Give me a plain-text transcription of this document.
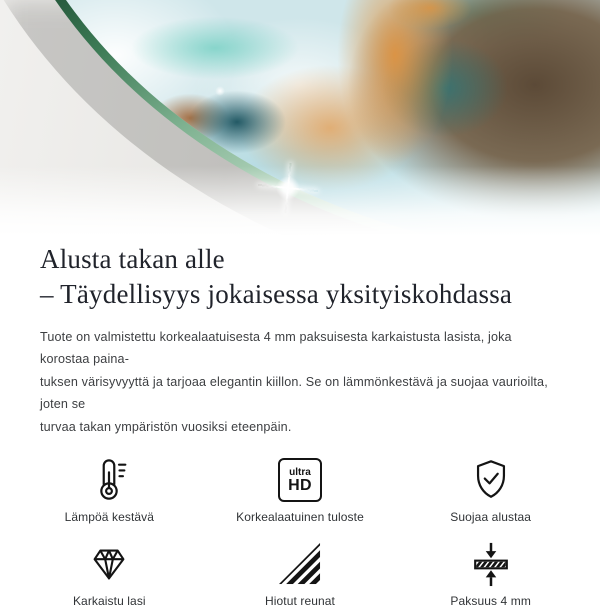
Alusta takan alle
– Täydellisyys jokaisessa yksityiskohdassa
Tuote on valmistettu korkealaatuisesta 4 mm paksuisesta karkaistusta lasista, joka korostaa paina-
tuksen värisyvyyttä ja tarjoaa elegantin kiillon. Se on lämmönkestävä ja suojaa vaurioilta, joten se
turvaa takan ympäristön vuosiksi eteenpäin.
Lämpöä kestävä
ultra
HD
Korkealaatuinen tuloste	Suojaa alustaa
Karkaistu lasi	Hiotut reunat	Paksuus 4 mm
